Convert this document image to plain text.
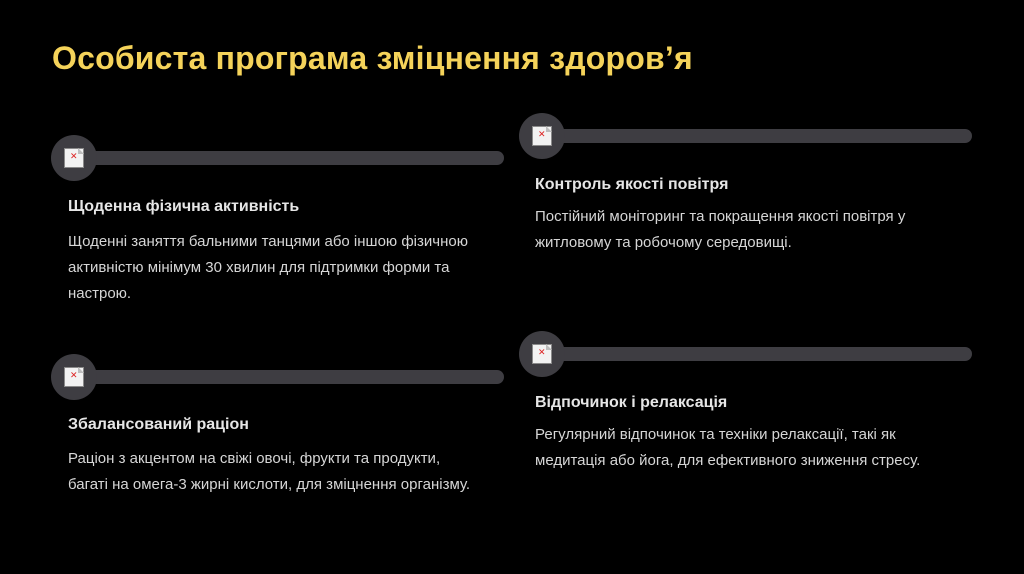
Особиста програма зміцнення здоров’я
✕
Щоденна фізична активність
Щоденні заняття бальними танцями або іншою фізичною активністю мінімум 30 хвилин для підтримки форми та настрою.
✕
Контроль якості повітря
Постійний моніторинг та покращення якості повітря у житловому та робочому середовищі.
✕
Збалансований раціон
Раціон з акцентом на свіжі овочі, фрукти та продукти, багаті на омега-3 жирні кислоти, для зміцнення організму.
✕
Відпочинок і релаксація
Регулярний відпочинок та техніки релаксації, такі як медитація або йога, для ефективного зниження стресу.
